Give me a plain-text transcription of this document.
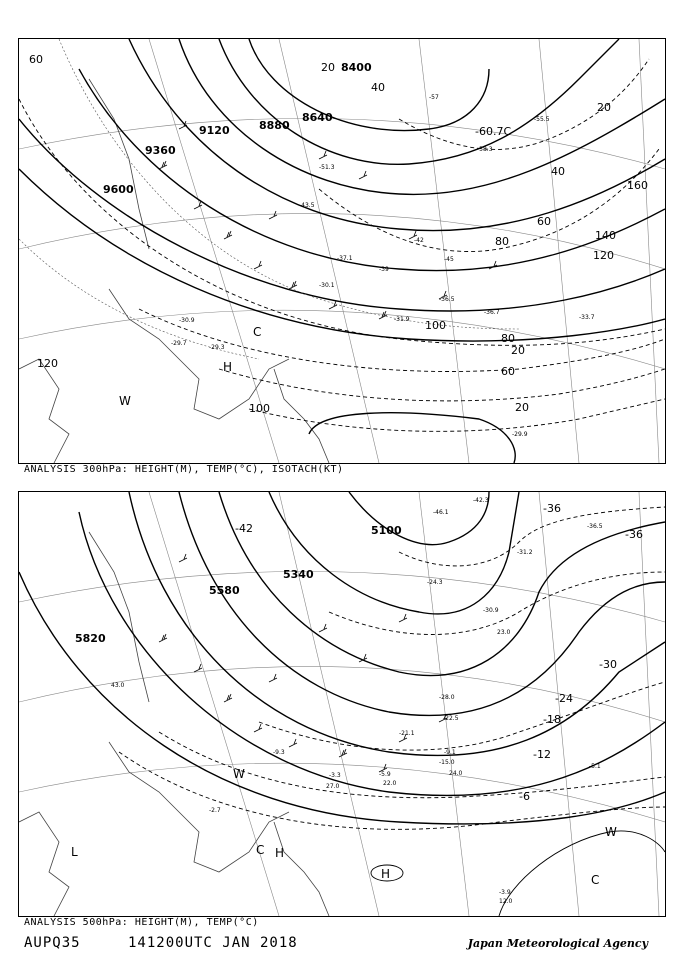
8400
8640
8880
9120
9360
9600
60
20
40
20
40
160
60
140
80
120
100
80
20
60
20
120
100
-60.7C
H
C
W
-57
-55.5
-58.3
-51.3
-43.5
-39
-36.5
-36.7
-31.9
-30.1
-29.3
-30.9
-29.7
-29.9
-33.7
-45
-42
-37.1
ANALYSIS 300hPa: HEIGHT(M), TEMP(°C), ISOTACH(KT)
5100
5340
5580
5820
-42
-36
-36
-30
-24
-18
-12
-6
C H
H
L
W
W
C
-42.3
-46.1
-36.5
-31.2
-30.9
-24.3
-28.0
-22.5
-21.1
-15.0
-9.1
-9.3
-5.9
-3.3
-2.7
-5.1
-3.9
12.0
24.0
43.0
27.0	22.0
23.0
ANALYSIS 500hPa: HEIGHT(M), TEMP(°C)
AUPQ35	141200UTC JAN 2018	Japan Meteorological Agency
